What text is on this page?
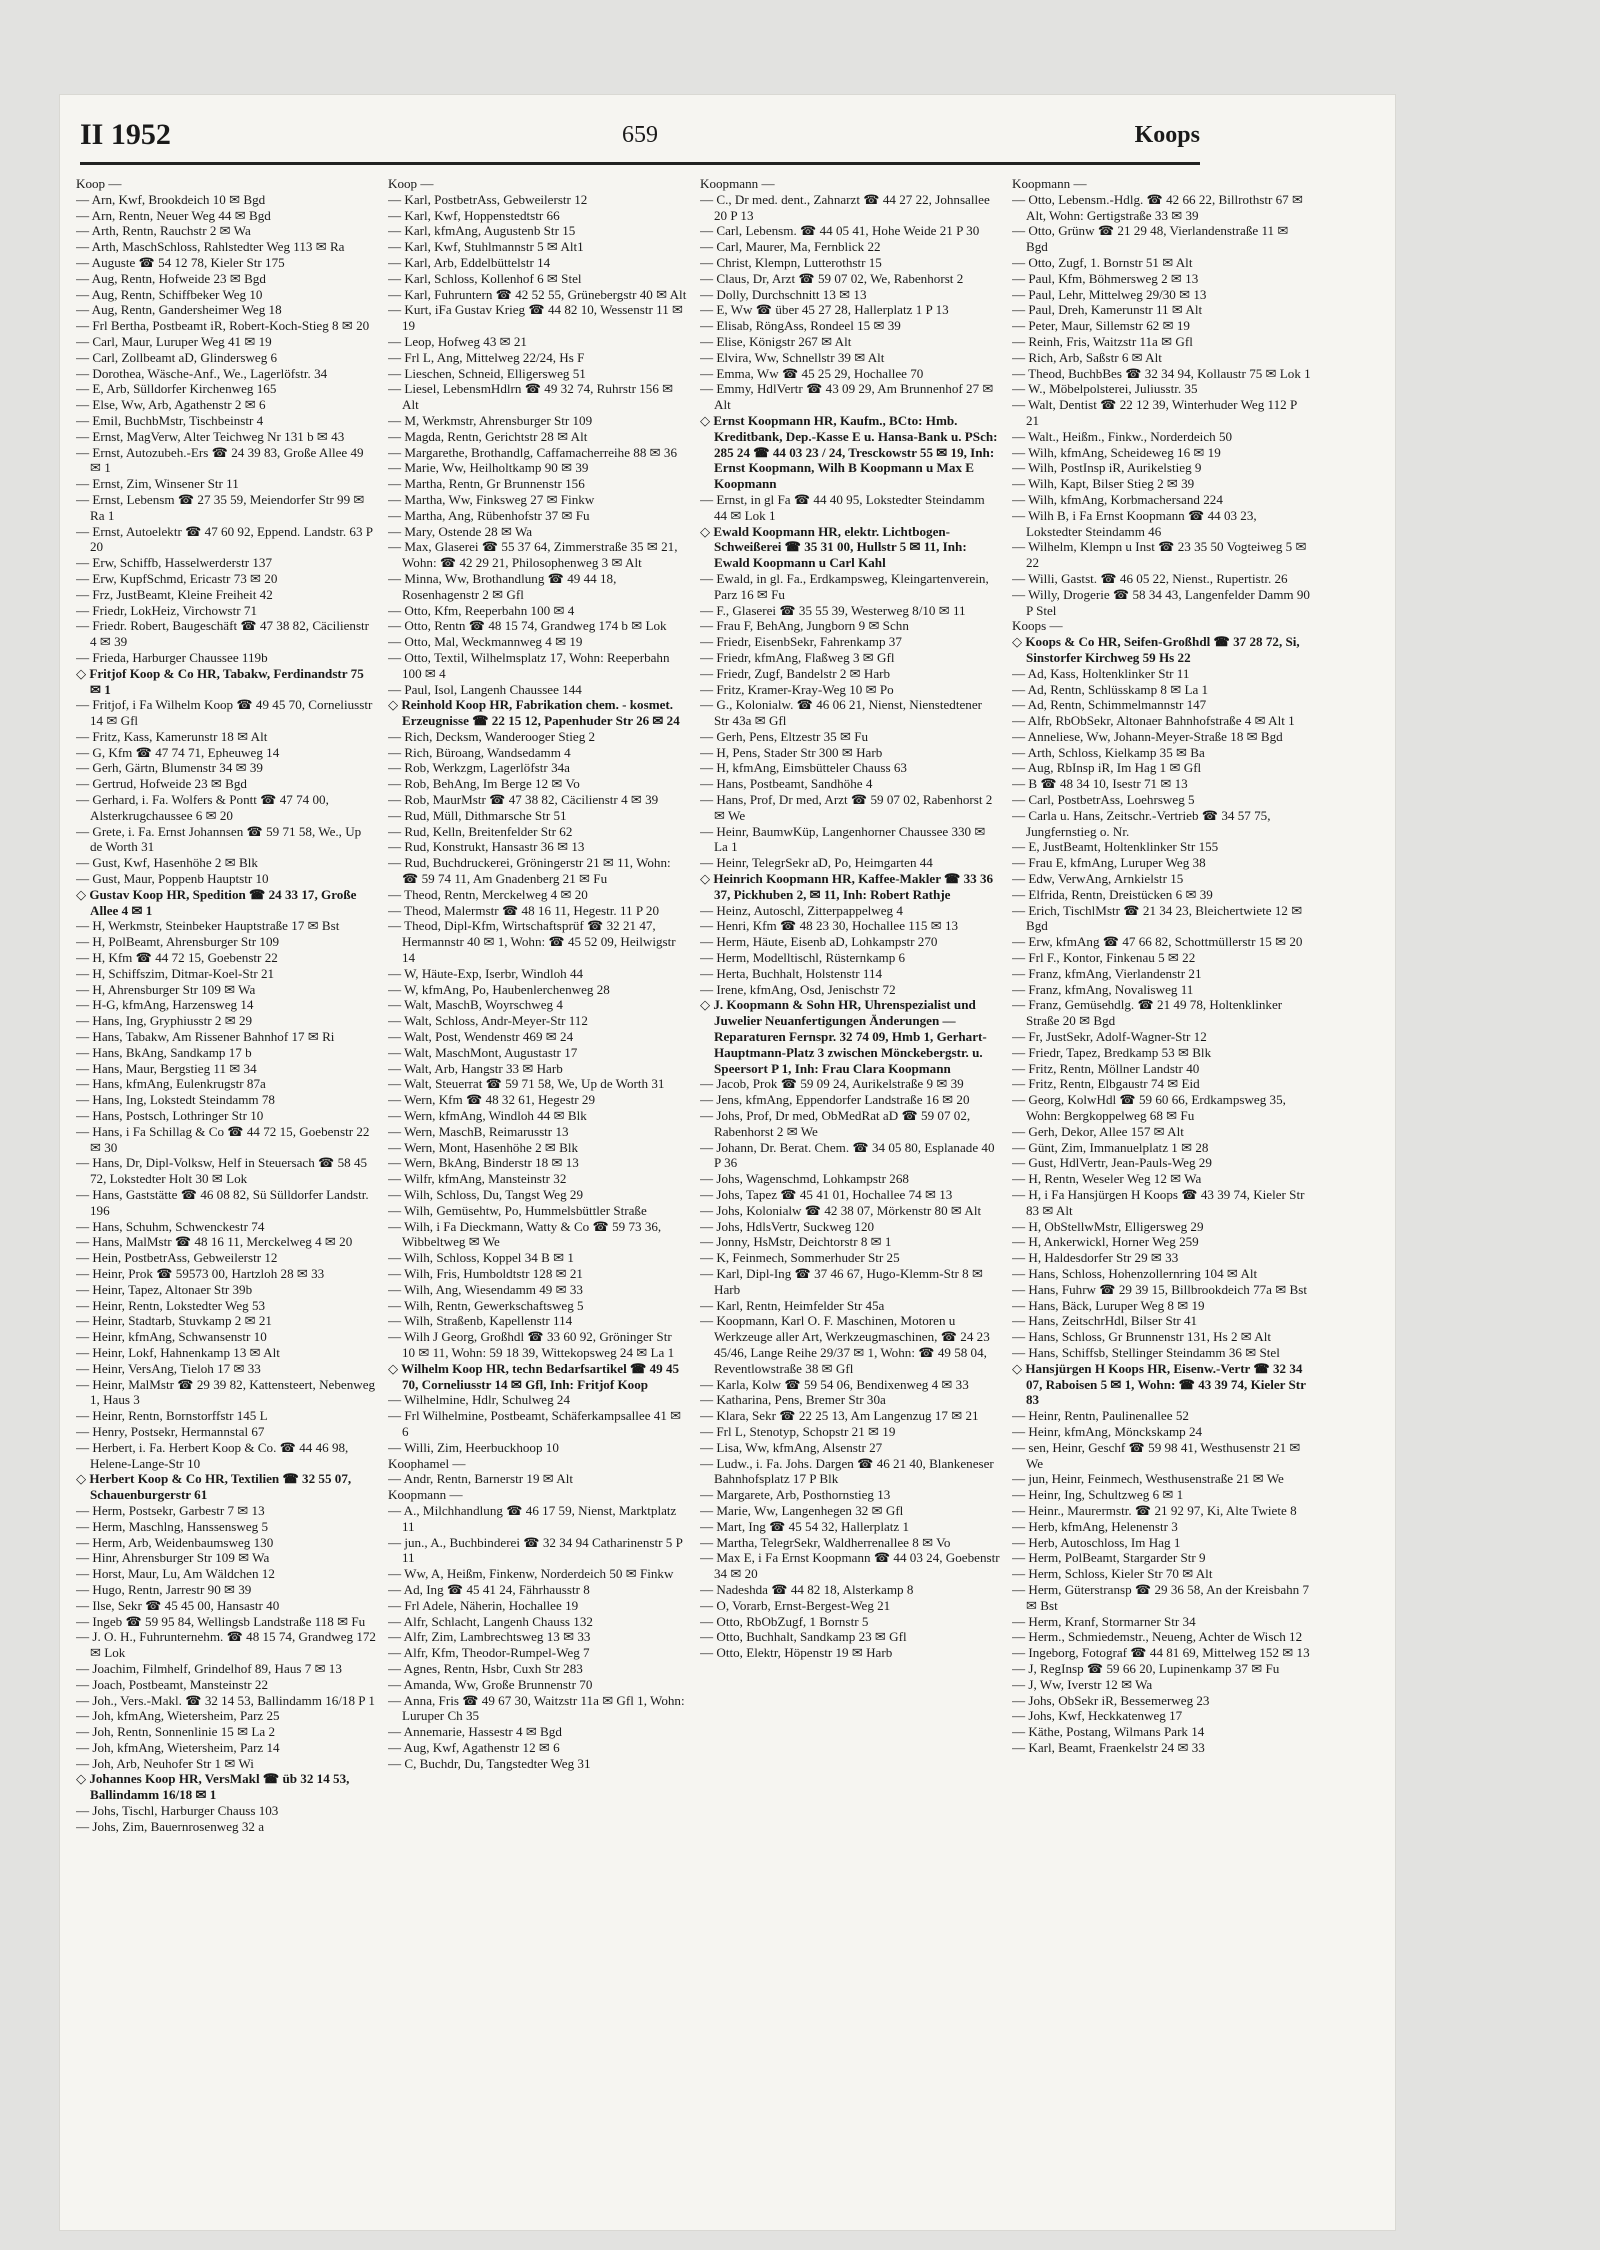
II 1952	659	Koops

Koop —

— Arn, Kwf, Brookdeich 10 ✉ Bgd

— Arn, Rentn, Neuer Weg 44 ✉ Bgd

— Arth, Rentn, Rauchstr 2 ✉ Wa

— Arth, MaschSchloss, Rahlstedter Weg 113 ✉ Ra

— Auguste ☎ 54 12 78, Kieler Str 175

— Aug, Rentn, Hofweide 23 ✉ Bgd

— Aug, Rentn, Schiffbeker Weg 10

— Aug, Rentn, Gandersheimer Weg 18

— Frl Bertha, Postbeamt iR, Robert-Koch-Stieg 8 ✉ 20

— Carl, Maur, Luruper Weg 41 ✉ 19

— Carl, Zollbeamt aD, Glindersweg 6

— Dorothea, Wäsche-Anf., We., Lagerlöfstr. 34

— E, Arb, Sülldorfer Kirchenweg 165

— Else, Ww, Arb, Agathenstr 2 ✉ 6

— Emil, BuchbMstr, Tischbeinstr 4

— Ernst, MagVerw, Alter Teichweg Nr 131 b ✉ 43

— Ernst, Autozubeh.-Ers ☎ 24 39 83, Große Allee 49 ✉ 1

— Ernst, Zim, Winsener Str 11

— Ernst, Lebensm ☎ 27 35 59, Meiendorfer Str 99 ✉ Ra 1

— Ernst, Autoelektr ☎ 47 60 92, Eppend. Landstr. 63 P 20

— Erw, Schiffb, Hasselwerderstr 137

— Erw, KupfSchmd, Ericastr 73 ✉ 20

— Frz, JustBeamt, Kleine Freiheit 42

— Friedr, LokHeiz, Virchowstr 71

— Friedr. Robert, Baugeschäft ☎ 47 38 82, Cäcilienstr 4 ✉ 39

— Frieda, Harburger Chaussee 119b

◇ Fritjof Koop & Co HR, Tabakw, Ferdinandstr 75 ✉ 1

— Fritjof, i Fa Wilhelm Koop ☎ 49 45 70, Corneliusstr 14 ✉ Gfl

— Fritz, Kass, Kamerunstr 18 ✉ Alt

— G, Kfm ☎ 47 74 71, Epheuweg 14

— Gerh, Gärtn, Blumenstr 34 ✉ 39

— Gertrud, Hofweide 23 ✉ Bgd

— Gerhard, i. Fa. Wolfers & Pontt ☎ 47 74 00, Alsterkrugchaussee 6 ✉ 20

— Grete, i. Fa. Ernst Johannsen ☎ 59 71 58, We., Up de Worth 31

— Gust, Kwf, Hasenhöhe 2 ✉ Blk

— Gust, Maur, Poppenb Hauptstr 10

◇ Gustav Koop HR, Spedition ☎ 24 33 17, Große Allee 4 ✉ 1

— H, Werkmstr, Steinbeker Hauptstraße 17 ✉ Bst

— H, PolBeamt, Ahrensburger Str 109

— H, Kfm ☎ 44 72 15, Goebenstr 22

— H, Schiffszim, Ditmar-Koel-Str 21

— H, Ahrensburger Str 109 ✉ Wa

— H-G, kfmAng, Harzensweg 14

— Hans, Ing, Gryphiusstr 2 ✉ 29

— Hans, Tabakw, Am Rissener Bahnhof 17 ✉ Ri

— Hans, BkAng, Sandkamp 17 b

— Hans, Maur, Bergstieg 11 ✉ 34

— Hans, kfmAng, Eulenkrugstr 87a

— Hans, Ing, Lokstedt Steindamm 78

— Hans, Postsch, Lothringer Str 10

— Hans, i Fa Schillag & Co ☎ 44 72 15, Goebenstr 22 ✉ 30

— Hans, Dr, Dipl-Volksw, Helf in Steuersach ☎ 58 45 72, Lokstedter Holt 30 ✉ Lok

— Hans, Gaststätte ☎ 46 08 82, Sü Sülldorfer Landstr. 196

— Hans, Schuhm, Schwenckestr 74

— Hans, MalMstr ☎ 48 16 11, Merckelweg 4 ✉ 20

— Hein, PostbetrAss, Gebweilerstr 12

— Heinr, Prok ☎ 59573 00, Hartzloh 28 ✉ 33

— Heinr, Tapez, Altonaer Str 39b

— Heinr, Rentn, Lokstedter Weg 53

— Heinr, Stadtarb, Stuvkamp 2 ✉ 21

— Heinr, kfmAng, Schwansenstr 10

— Heinr, Lokf, Hahnenkamp 13 ✉ Alt

— Heinr, VersAng, Tieloh 17 ✉ 33

— Heinr, MalMstr ☎ 29 39 82, Kattensteert, Nebenweg 1, Haus 3

— Heinr, Rentn, Bornstorffstr 145 L

— Henry, Postsekr, Hermannstal 67

— Herbert, i. Fa. Herbert Koop & Co. ☎ 44 46 98, Helene-Lange-Str 10

◇ Herbert Koop & Co HR, Textilien ☎ 32 55 07, Schauenburgerstr 61

— Herm, Postsekr, Garbestr 7 ✉ 13

— Herm, Maschlng, Hanssensweg 5

— Herm, Arb, Weidenbaumsweg 130

— Hinr, Ahrensburger Str 109 ✉ Wa

— Horst, Maur, Lu, Am Wäldchen 12

— Hugo, Rentn, Jarrestr 90 ✉ 39

— Ilse, Sekr ☎ 45 45 00, Hansastr 40

— Ingeb ☎ 59 95 84, Wellingsb Landstraße 118 ✉ Fu

— J. O. H., Fuhrunternehm. ☎ 48 15 74, Grandweg 172 ✉ Lok

— Joachim, Filmhelf, Grindelhof 89, Haus 7 ✉ 13

— Joach, Postbeamt, Mansteinstr 22

— Joh., Vers.-Makl. ☎ 32 14 53, Ballindamm 16/18 P 1

— Joh, kfmAng, Wietersheim, Parz 25

— Joh, Rentn, Sonnenlinie 15 ✉ La 2

— Joh, kfmAng, Wietersheim, Parz 14

— Joh, Arb, Neuhofer Str 1 ✉ Wi

◇ Johannes Koop HR, VersMakl ☎ üb 32 14 53, Ballindamm 16/18 ✉ 1

— Johs, Tischl, Harburger Chauss 103

— Johs, Zim, Bauernrosenweg 32 a

Koop —

— Karl, PostbetrAss, Gebweilerstr 12

— Karl, Kwf, Hoppenstedtstr 66

— Karl, kfmAng, Augustenb Str 15

— Karl, Kwf, Stuhlmannstr 5 ✉ Alt1

— Karl, Arb, Eddelbüttelstr 14

— Karl, Schloss, Kollenhof 6 ✉ Stel

— Karl, Fuhruntern ☎ 42 52 55, Grünebergstr 40 ✉ Alt

— Kurt, iFa Gustav Krieg ☎ 44 82 10, Wessenstr 11 ✉ 19

— Leop, Hofweg 43 ✉ 21

— Frl L, Ang, Mittelweg 22/24, Hs F

— Lieschen, Schneid, Elligersweg 51

— Liesel, LebensmHdlrn ☎ 49 32 74, Ruhrstr 156 ✉ Alt

— M, Werkmstr, Ahrensburger Str 109

— Magda, Rentn, Gerichtstr 28 ✉ Alt

— Margarethe, Brothandlg, Caffamacherreihe 88 ✉ 36

— Marie, Ww, Heilholtkamp 90 ✉ 39

— Martha, Rentn, Gr Brunnenstr 156

— Martha, Ww, Finksweg 27 ✉ Finkw

— Martha, Ang, Rübenhofstr 37 ✉ Fu

— Mary, Ostende 28 ✉ Wa

— Max, Glaserei ☎ 55 37 64, Zimmerstraße 35 ✉ 21, Wohn: ☎ 42 29 21, Philosophenweg 3 ✉ Alt

— Minna, Ww, Brothandlung ☎ 49 44 18, Rosenhagenstr 2 ✉ Gfl

— Otto, Kfm, Reeperbahn 100 ✉ 4

— Otto, Rentn ☎ 48 15 74, Grandweg 174 b ✉ Lok

— Otto, Mal, Weckmannweg 4 ✉ 19

— Otto, Textil, Wilhelmsplatz 17, Wohn: Reeperbahn 100 ✉ 4

— Paul, Isol, Langenh Chaussee 144

◇ Reinhold Koop HR, Fabrikation chem. - kosmet. Erzeugnisse ☎ 22 15 12, Papenhuder Str 26 ✉ 24

— Rich, Decksm, Wanderooger Stieg 2

— Rich, Büroang, Wandsedamm 4

— Rob, Werkzgm, Lagerlöfstr 34a

— Rob, BehAng, Im Berge 12 ✉ Vo

— Rob, MaurMstr ☎ 47 38 82, Cäcilienstr 4 ✉ 39

— Rud, Müll, Dithmarsche Str 51

— Rud, Kelln, Breitenfelder Str 62

— Rud, Konstrukt, Hansastr 36 ✉ 13

— Rud, Buchdruckerei, Gröningerstr 21 ✉ 11, Wohn: ☎ 59 74 11, Am Gnadenberg 21 ✉ Fu

— Theod, Rentn, Merckelweg 4 ✉ 20

— Theod, Malermstr ☎ 48 16 11, Hegestr. 11 P 20

— Theod, Dipl-Kfm, Wirtschaftsprüf ☎ 32 21 47, Hermannstr 40 ✉ 1, Wohn: ☎ 45 52 09, Heilwigstr 14

— W, Häute-Exp, Iserbr, Windloh 44

— W, kfmAng, Po, Haubenlerchenweg 28

— Walt, MaschB, Woyrschweg 4

— Walt, Schloss, Andr-Meyer-Str 112

— Walt, Post, Wendenstr 469 ✉ 24

— Walt, MaschMont, Augustastr 17

— Walt, Arb, Hangstr 33 ✉ Harb

— Walt, Steuerrat ☎ 59 71 58, We, Up de Worth 31

— Wern, Kfm ☎ 48 32 61, Hegestr 29

— Wern, kfmAng, Windloh 44 ✉ Blk

— Wern, MaschB, Reimarusstr 13

— Wern, Mont, Hasenhöhe 2 ✉ Blk

— Wern, BkAng, Binderstr 18 ✉ 13

— Wilfr, kfmAng, Mansteinstr 32

— Wilh, Schloss, Du, Tangst Weg 29

— Wilh, Gemüsehtw, Po, Hummelsbüttler Straße

— Wilh, i Fa Dieckmann, Watty & Co ☎ 59 73 36, Wibbeltweg ✉ We

— Wilh, Schloss, Koppel 34 B ✉ 1

— Wilh, Fris, Humboldtstr 128 ✉ 21

— Wilh, Ang, Wiesendamm 49 ✉ 33

— Wilh, Rentn, Gewerkschaftsweg 5

— Wilh, Straßenb, Kapellenstr 114

— Wilh J Georg, Großhdl ☎ 33 60 92, Gröninger Str 10 ✉ 11, Wohn: 59 18 39, Wittekopsweg 24 ✉ La 1

◇ Wilhelm Koop HR, techn Bedarfsartikel ☎ 49 45 70, Corneliusstr 14 ✉ Gfl, Inh: Fritjof Koop

— Wilhelmine, Hdlr, Schulweg 24

— Frl Wilhelmine, Postbeamt, Schäferkampsallee 41 ✉ 6

— Willi, Zim, Heerbuckhoop 10

Koophamel —

— Andr, Rentn, Barnerstr 19 ✉ Alt

Koopmann —

— A., Milchhandlung ☎ 46 17 59, Nienst, Marktplatz 11

— jun., A., Buchbinderei ☎ 32 34 94 Catharinenstr 5 P 11

— Ww, A, Heißm, Finkenw, Norderdeich 50 ✉ Finkw

— Ad, Ing ☎ 45 41 24, Fährhausstr 8

— Frl Adele, Näherin, Hochallee 19

— Alfr, Schlacht, Langenh Chauss 132

— Alfr, Zim, Lambrechtsweg 13 ✉ 33

— Alfr, Kfm, Theodor-Rumpel-Weg 7

— Agnes, Rentn, Hsbr, Cuxh Str 283

— Amanda, Ww, Große Brunnenstr 70

— Anna, Fris ☎ 49 67 30, Waitzstr 11a ✉ Gfl 1, Wohn: Luruper Ch 35

— Annemarie, Hassestr 4 ✉ Bgd

— Aug, Kwf, Agathenstr 12 ✉ 6

— C, Buchdr, Du, Tangstedter Weg 31

Koopmann —

— C., Dr med. dent., Zahnarzt ☎ 44 27 22, Johnsallee 20 P 13

— Carl, Lebensm. ☎ 44 05 41, Hohe Weide 21 P 30

— Carl, Maurer, Ma, Fernblick 22

— Christ, Klempn, Lutterothstr 15

— Claus, Dr, Arzt ☎ 59 07 02, We, Rabenhorst 2

— Dolly, Durchschnitt 13 ✉ 13

— E, Ww ☎ über 45 27 28, Hallerplatz 1 P 13

— Elisab, RöngAss, Rondeel 15 ✉ 39

— Elise, Königstr 267 ✉ Alt

— Elvira, Ww, Schnellstr 39 ✉ Alt

— Emma, Ww ☎ 45 25 29, Hochallee 70

— Emmy, HdlVertr ☎ 43 09 29, Am Brunnenhof 27 ✉ Alt

◇ Ernst Koopmann HR, Kaufm., BCto: Hmb. Kreditbank, Dep.-Kasse E u. Hansa-Bank u. PSch: 285 24 ☎ 44 03 23 / 24, Tresckowstr 55 ✉ 19, Inh: Ernst Koopmann, Wilh B Koopmann u Max E Koopmann

— Ernst, in gl Fa ☎ 44 40 95, Lokstedter Steindamm 44 ✉ Lok 1

◇ Ewald Koopmann HR, elektr. Lichtbogen-Schweißerei ☎ 35 31 00, Hullstr 5 ✉ 11, Inh: Ewald Koopmann u Carl Kahl

— Ewald, in gl. Fa., Erdkampsweg, Kleingartenverein, Parz 16 ✉ Fu

— F., Glaserei ☎ 35 55 39, Westerweg 8/10 ✉ 11

— Frau F, BehAng, Jungborn 9 ✉ Schn

— Friedr, EisenbSekr, Fahrenkamp 37

— Friedr, kfmAng, Flaßweg 3 ✉ Gfl

— Friedr, Zugf, Bandelstr 2 ✉ Harb

— Fritz, Kramer-Kray-Weg 10 ✉ Po

— G., Kolonialw. ☎ 46 06 21, Nienst, Nienstedtener Str 43a ✉ Gfl

— Gerh, Pens, Eltzestr 35 ✉ Fu

— H, Pens, Stader Str 300 ✉ Harb

— H, kfmAng, Eimsbütteler Chauss 63

— Hans, Postbeamt, Sandhöhe 4

— Hans, Prof, Dr med, Arzt ☎ 59 07 02, Rabenhorst 2 ✉ We

— Heinr, BaumwKüp, Langenhorner Chaussee 330 ✉ La 1

— Heinr, TelegrSekr aD, Po, Heimgarten 44

◇ Heinrich Koopmann HR, Kaffee-Makler ☎ 33 36 37, Pickhuben 2, ✉ 11, Inh: Robert Rathje

— Heinz, Autoschl, Zitterpappelweg 4

— Henri, Kfm ☎ 48 23 30, Hochallee 115 ✉ 13

— Herm, Häute, Eisenb aD, Lohkampstr 270

— Herm, Modelltischl, Rüsternkamp 6

— Herta, Buchhalt, Holstenstr 114

— Irene, kfmAng, Osd, Jenischstr 72

◇ J. Koopmann & Sohn HR, Uhrenspezialist und Juwelier Neuanfertigungen Änderungen — Reparaturen Fernspr. 32 74 09, Hmb 1, Gerhart-Hauptmann-Platz 3 zwischen Mönckebergstr. u. Speersort P 1, Inh: Frau Clara Koopmann

— Jacob, Prok ☎ 59 09 24, Aurikelstraße 9 ✉ 39

— Jens, kfmAng, Eppendorfer Landstraße 16 ✉ 20

— Johs, Prof, Dr med, ObMedRat aD ☎ 59 07 02, Rabenhorst 2 ✉ We

— Johann, Dr. Berat. Chem. ☎ 34 05 80, Esplanade 40 P 36

— Johs, Wagenschmd, Lohkampstr 268

— Johs, Tapez ☎ 45 41 01, Hochallee 74 ✉ 13

— Johs, Kolonialw ☎ 42 38 07, Mörkenstr 80 ✉ Alt

— Johs, HdlsVertr, Suckweg 120

— Jonny, HsMstr, Deichtorstr 8 ✉ 1

— K, Feinmech, Sommerhuder Str 25

— Karl, Dipl-Ing ☎ 37 46 67, Hugo-Klemm-Str 8 ✉ Harb

— Karl, Rentn, Heimfelder Str 45a

— Koopmann, Karl O. F. Maschinen, Motoren u Werkzeuge aller Art, Werkzeugmaschinen, ☎ 24 23 45/46, Lange Reihe 29/37 ✉ 1, Wohn: ☎ 49 58 04, Reventlowstraße 38 ✉ Gfl

— Karla, Kolw ☎ 59 54 06, Bendixenweg 4 ✉ 33

— Katharina, Pens, Bremer Str 30a

— Klara, Sekr ☎ 22 25 13, Am Langenzug 17 ✉ 21

— Frl L, Stenotyp, Schopstr 21 ✉ 19

— Lisa, Ww, kfmAng, Alsenstr 27

— Ludw., i. Fa. Johs. Dargen ☎ 46 21 40, Blankeneser Bahnhofsplatz 17 P Blk

— Margarete, Arb, Posthornstieg 13

— Marie, Ww, Langenhegen 32 ✉ Gfl

— Mart, Ing ☎ 45 54 32, Hallerplatz 1

— Martha, TelegrSekr, Waldherrenallee 8 ✉ Vo

— Max E, i Fa Ernst Koopmann ☎ 44 03 24, Goebenstr 34 ✉ 20

— Nadeshda ☎ 44 82 18, Alsterkamp 8

— O, Vorarb, Ernst-Bergest-Weg 21

— Otto, RbObZugf, 1 Bornstr 5

— Otto, Buchhalt, Sandkamp 23 ✉ Gfl

— Otto, Elektr, Höpenstr 19 ✉ Harb

Koopmann —

— Otto, Lebensm.-Hdlg. ☎ 42 66 22, Billrothstr 67 ✉ Alt, Wohn: Gertigstraße 33 ✉ 39

— Otto, Grünw ☎ 21 29 48, Vierlandenstraße 11 ✉ Bgd

— Otto, Zugf, 1. Bornstr 51 ✉ Alt

— Paul, Kfm, Böhmersweg 2 ✉ 13

— Paul, Lehr, Mittelweg 29/30 ✉ 13

— Paul, Dreh, Kamerunstr 11 ✉ Alt

— Peter, Maur, Sillemstr 62 ✉ 19

— Reinh, Fris, Waitzstr 11a ✉ Gfl

— Rich, Arb, Saßstr 6 ✉ Alt

— Theod, BuchbBes ☎ 32 34 94, Kollaustr 75 ✉ Lok 1

— W., Möbelpolsterei, Juliusstr. 35

— Walt, Dentist ☎ 22 12 39, Winterhuder Weg 112 P 21

— Walt., Heißm., Finkw., Norderdeich 50

— Wilh, kfmAng, Scheideweg 16 ✉ 19

— Wilh, PostInsp iR, Aurikelstieg 9

— Wilh, Kapt, Bilser Stieg 2 ✉ 39

— Wilh, kfmAng, Korbmachersand 224

— Wilh B, i Fa Ernst Koopmann ☎ 44 03 23, Lokstedter Steindamm 46

— Wilhelm, Klempn u Inst ☎ 23 35 50 Vogteiweg 5 ✉ 22

— Willi, Gastst. ☎ 46 05 22, Nienst., Rupertistr. 26

— Willy, Drogerie ☎ 58 34 43, Langenfelder Damm 90 P Stel

Koops —

◇ Koops & Co HR, Seifen-Großhdl ☎ 37 28 72, Si, Sinstorfer Kirchweg 59 Hs 22

— Ad, Kass, Holtenklinker Str 11

— Ad, Rentn, Schlüsskamp 8 ✉ La 1

— Ad, Rentn, Schimmelmannstr 147

— Alfr, RbObSekr, Altonaer Bahnhofstraße 4 ✉ Alt 1

— Anneliese, Ww, Johann-Meyer-Straße 18 ✉ Bgd

— Arth, Schloss, Kielkamp 35 ✉ Ba

— Aug, RbInsp iR, Im Hag 1 ✉ Gfl

— B ☎ 48 34 10, Isestr 71 ✉ 13

— Carl, PostbetrAss, Loehrsweg 5

— Carla u. Hans, Zeitschr.-Vertrieb ☎ 34 57 75, Jungfernstieg o. Nr.

— E, JustBeamt, Holtenklinker Str 155

— Frau E, kfmAng, Luruper Weg 38

— Edw, VerwAng, Arnkielstr 15

— Elfrida, Rentn, Dreistücken 6 ✉ 39

— Erich, TischlMstr ☎ 21 34 23, Bleichertwiete 12 ✉ Bgd

— Erw, kfmAng ☎ 47 66 82, Schottmüllerstr 15 ✉ 20

— Frl F., Kontor, Finkenau 5 ✉ 22

— Franz, kfmAng, Vierlandenstr 21

— Franz, kfmAng, Novalisweg 11

— Franz, Gemüsehdlg. ☎ 21 49 78, Holtenklinker Straße 20 ✉ Bgd

— Fr, JustSekr, Adolf-Wagner-Str 12

— Friedr, Tapez, Bredkamp 53 ✉ Blk

— Fritz, Rentn, Möllner Landstr 40

— Fritz, Rentn, Elbgaustr 74 ✉ Eid

— Georg, KolwHdl ☎ 59 60 66, Erdkampsweg 35, Wohn: Bergkoppelweg 68 ✉ Fu

— Gerh, Dekor, Allee 157 ✉ Alt

— Günt, Zim, Immanuelplatz 1 ✉ 28

— Gust, HdlVertr, Jean-Pauls-Weg 29

— H, Rentn, Weseler Weg 12 ✉ Wa

— H, i Fa Hansjürgen H Koops ☎ 43 39 74, Kieler Str 83 ✉ Alt

— H, ObStellwMstr, Elligersweg 29

— H, Ankerwickl, Horner Weg 259

— H, Haldesdorfer Str 29 ✉ 33

— Hans, Schloss, Hohenzollernring 104 ✉ Alt

— Hans, Fuhrw ☎ 29 39 15, Billbrookdeich 77a ✉ Bst

— Hans, Bäck, Luruper Weg 8 ✉ 19

— Hans, ZeitschrHdl, Bilser Str 41

— Hans, Schloss, Gr Brunnenstr 131, Hs 2 ✉ Alt

— Hans, Schiffsb, Stellinger Steindamm 36 ✉ Stel

◇ Hansjürgen H Koops HR, Eisenw.-Vertr ☎ 32 34 07, Raboisen 5 ✉ 1, Wohn: ☎ 43 39 74, Kieler Str 83

— Heinr, Rentn, Paulinenallee 52

— Heinr, kfmAng, Mönckskamp 24

— sen, Heinr, Geschf ☎ 59 98 41, Westhusenstr 21 ✉ We

— jun, Heinr, Feinmech, Westhusenstraße 21 ✉ We

— Heinr, Ing, Schultzweg 6 ✉ 1

— Heinr., Maurermstr. ☎ 21 92 97, Ki, Alte Twiete 8

— Herb, kfmAng, Helenenstr 3

— Herb, Autoschloss, Im Hag 1

— Herm, PolBeamt, Stargarder Str 9

— Herm, Schloss, Kieler Str 70 ✉ Alt

— Herm, Güterstransp ☎ 29 36 58, An der Kreisbahn 7 ✉ Bst

— Herm, Kranf, Stormarner Str 34

— Herm., Schmiedemstr., Neueng, Achter de Wisch 12

— Ingeborg, Fotograf ☎ 44 81 69, Mittelweg 152 ✉ 13

— J, RegInsp ☎ 59 66 20, Lupinenkamp 37 ✉ Fu

— J, Ww, Iverstr 12 ✉ Wa

— Johs, ObSekr iR, Bessemerweg 23

— Johs, Kwf, Heckkatenweg 17

— Käthe, Postang, Wilmans Park 14

— Karl, Beamt, Fraenkelstr 24 ✉ 33
